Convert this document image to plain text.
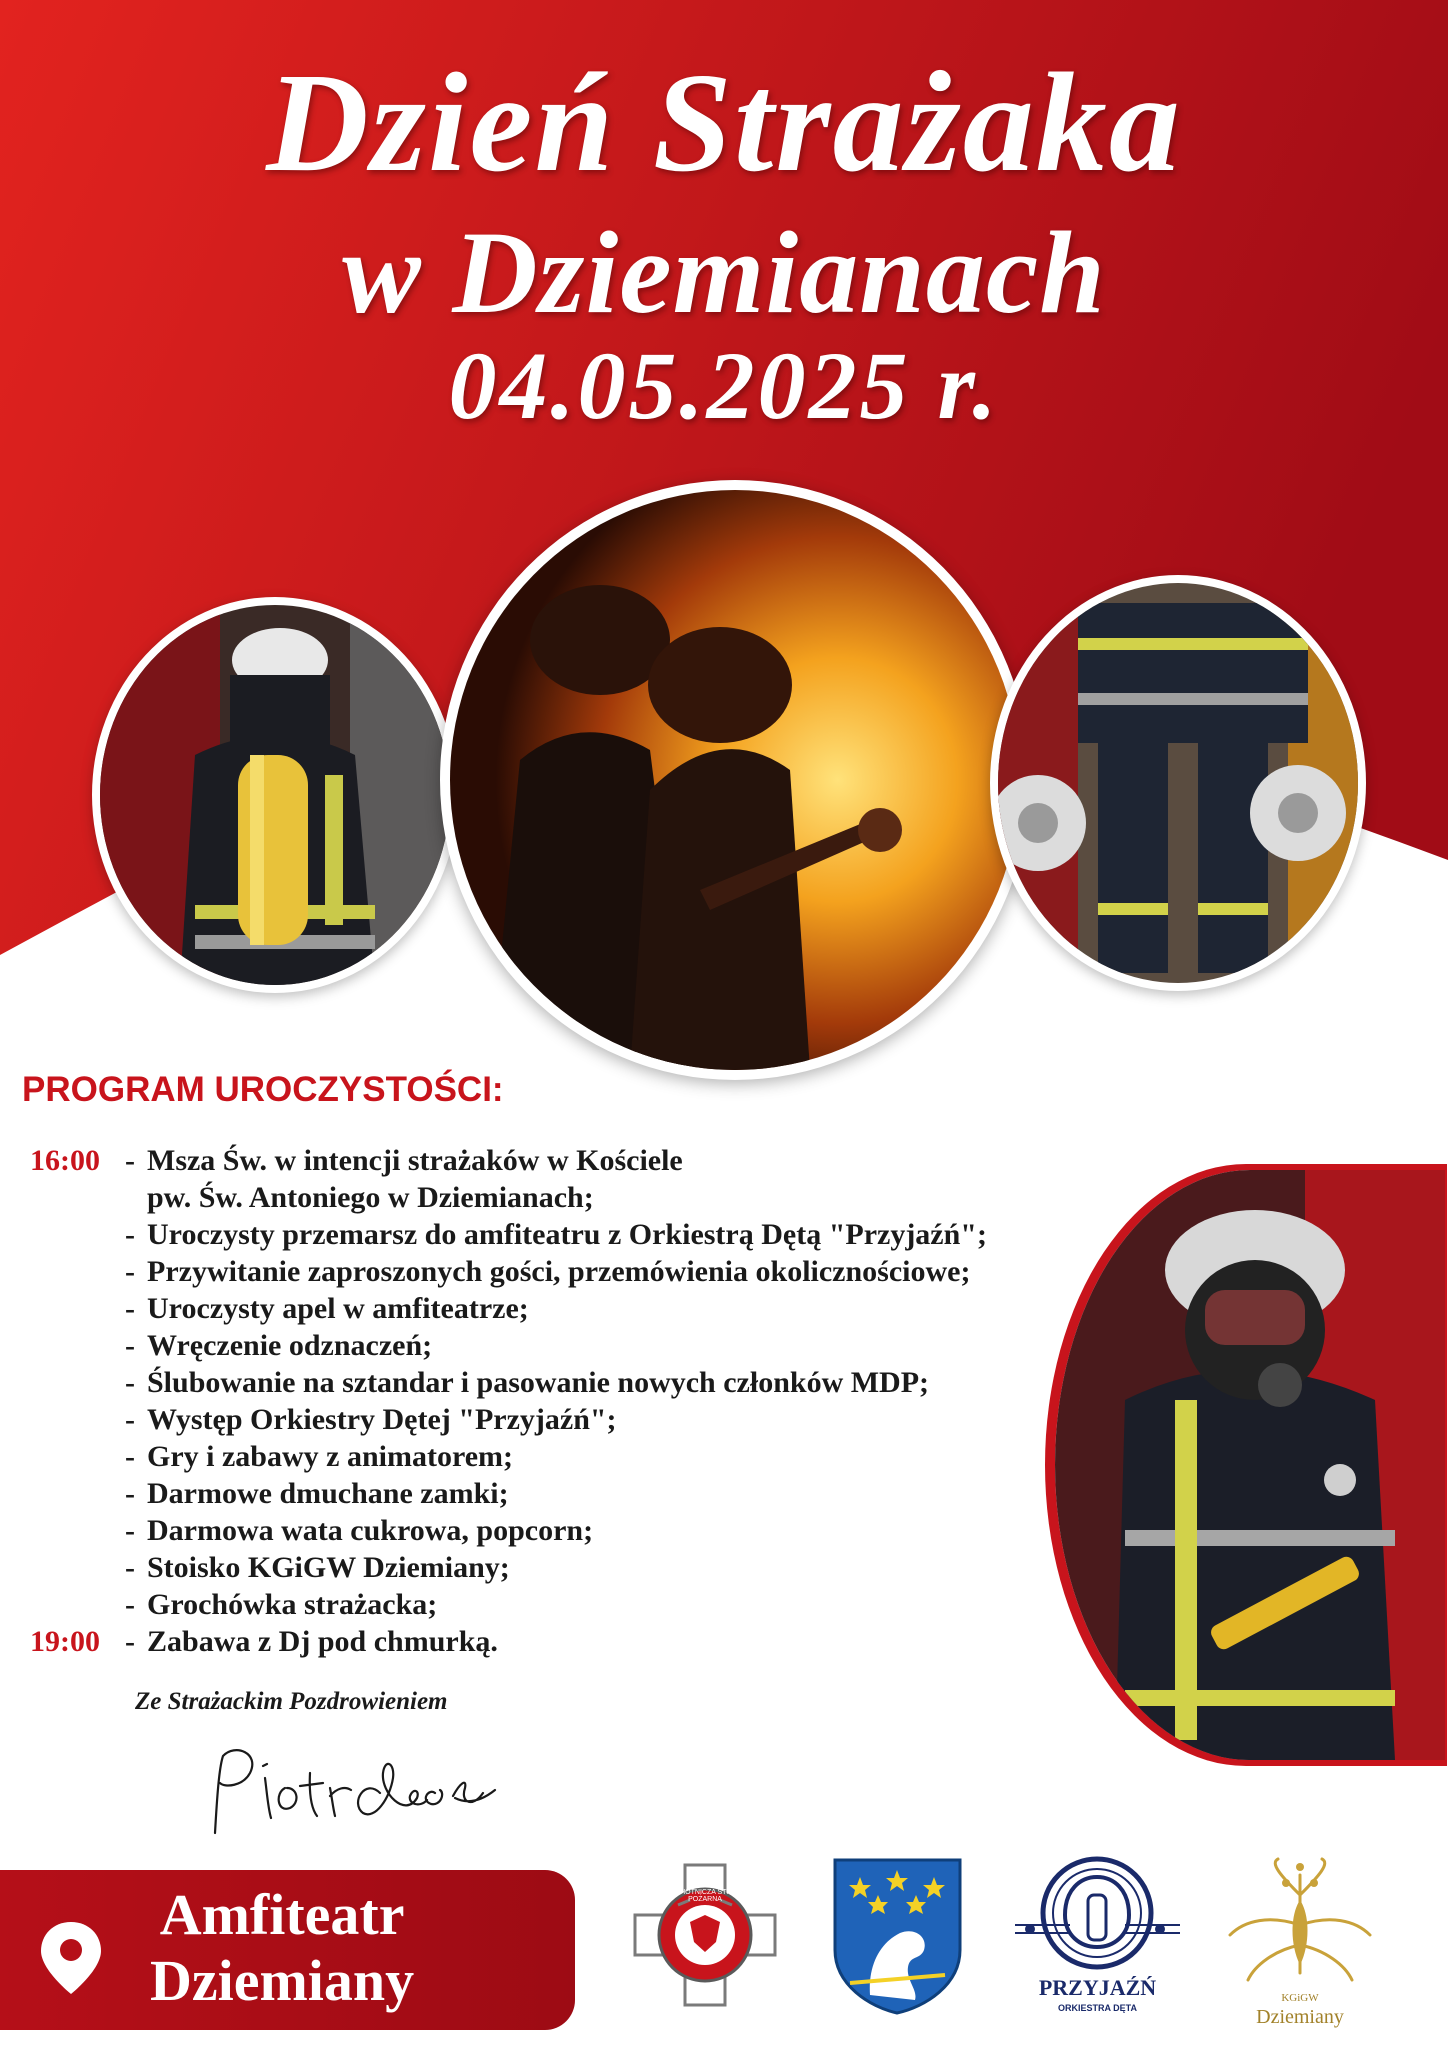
Dzień Strażaka
w Dziemianach
04.05.2025 r.
PROGRAM UROCZYSTOŚCI:
16:00 - Msza Św. w intencji strażaków w Kościele
pw. Św. Antoniego w Dziemianach;
- Uroczysty przemarsz do amfiteatru z Orkiestrą Dętą "Przyjaźń";
- Przywitanie zaproszonych gości, przemówienia okolicznościowe;
- Uroczysty apel w amfiteatrze;
- Wręczenie odznaczeń;
- Ślubowanie na sztandar i pasowanie nowych członków MDP;
- Występ Orkiestry Dętej "Przyjaźń";
- Gry i zabawy z animatorem;
- Darmowe dmuchane zamki;
- Darmowa wata cukrowa, popcorn;
- Stoisko KGiGW Dziemiany;
- Grochówka strażacka;
19:00 - Zabawa z Dj pod chmurką.

Ze Strażackim Pozdrowieniem

Amfiteatr
Dziemiany
OCHOTNICZA STRAŻ POŻARNA
PRZYJAŹŃ
ORKIESTRA DĘTA
KGiGW
Dziemiany
